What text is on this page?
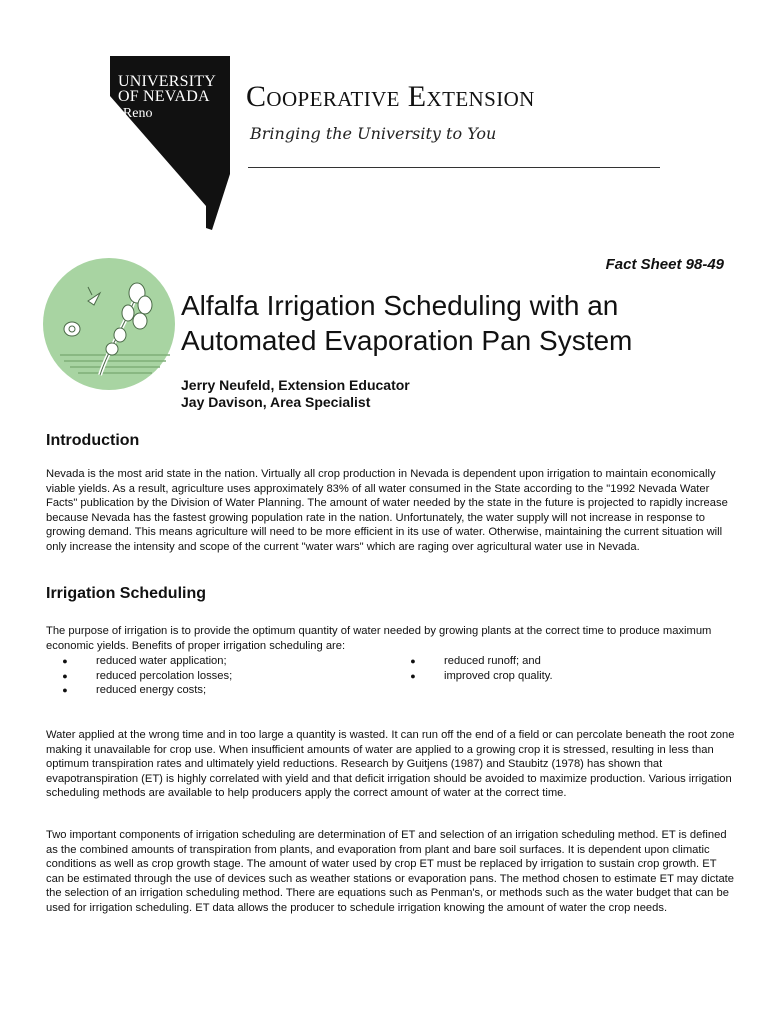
UNIVERSITY
OF NEVADA
•Reno
Cooperative Extension
Bringing the University to You
Fact Sheet 98-49
Alfalfa Irrigation Scheduling with an
Automated Evaporation Pan System
Jerry Neufeld, Extension Educator
Jay Davison, Area Specialist
Introduction
Nevada is the most arid state in the nation. Virtually all crop production in Nevada is dependent upon irrigation to maintain economically viable yields. As a result, agriculture uses approximately 83% of all water consumed in the State according to the "1992 Nevada Water Facts" publication by the Division of Water Planning. The amount of water needed by the state in the future is projected to rapidly increase because Nevada has the fastest growing population rate in the nation. Unfortunately, the water supply will not increase in response to growing demand. This means agriculture will need to be more efficient in its use of water. Otherwise, maintaining the current situation will only increase the intensity and scope of the current "water wars" which are raging over agricultural water use in Nevada.
Irrigation Scheduling
The purpose of irrigation is to provide the optimum quantity of water needed by growing plants at the correct time to produce maximum economic yields. Benefits of proper irrigation scheduling are:
●	reduced water application;
●	reduced percolation losses;
●	reduced energy costs;
●	reduced runoff; and
●	improved crop quality.
Water applied at the wrong time and in too large a quantity is wasted. It can run off the end of a field or can percolate beneath the root zone making it unavailable for crop use. When insufficient amounts of water are applied to a growing crop it is stressed, resulting in less than optimum transpiration rates and ultimately yield reductions. Research by Guitjens (1987) and Staubitz (1978) has shown that evapotranspiration (ET) is highly correlated with yield and that deficit irrigation should be avoided to maximize production. Various irrigation scheduling methods are available to help producers apply the correct amount of water at the correct time.
Two important components of irrigation scheduling are determination of ET and selection of an irrigation scheduling method. ET is defined as the combined amounts of transpiration from plants, and evaporation from plant and bare soil surfaces. It is dependent upon climatic conditions as well as crop growth stage. The amount of water used by crop ET must be replaced by irrigation to sustain crop growth. ET can be estimated through the use of devices such as weather stations or evaporation pans. The method chosen to estimate ET may dictate the selection of an irrigation scheduling method. There are equations such as Penman's, or methods such as the water budget that can be used for irrigation scheduling. ET data allows the producer to schedule irrigation knowing the amount of water the crop needs.
